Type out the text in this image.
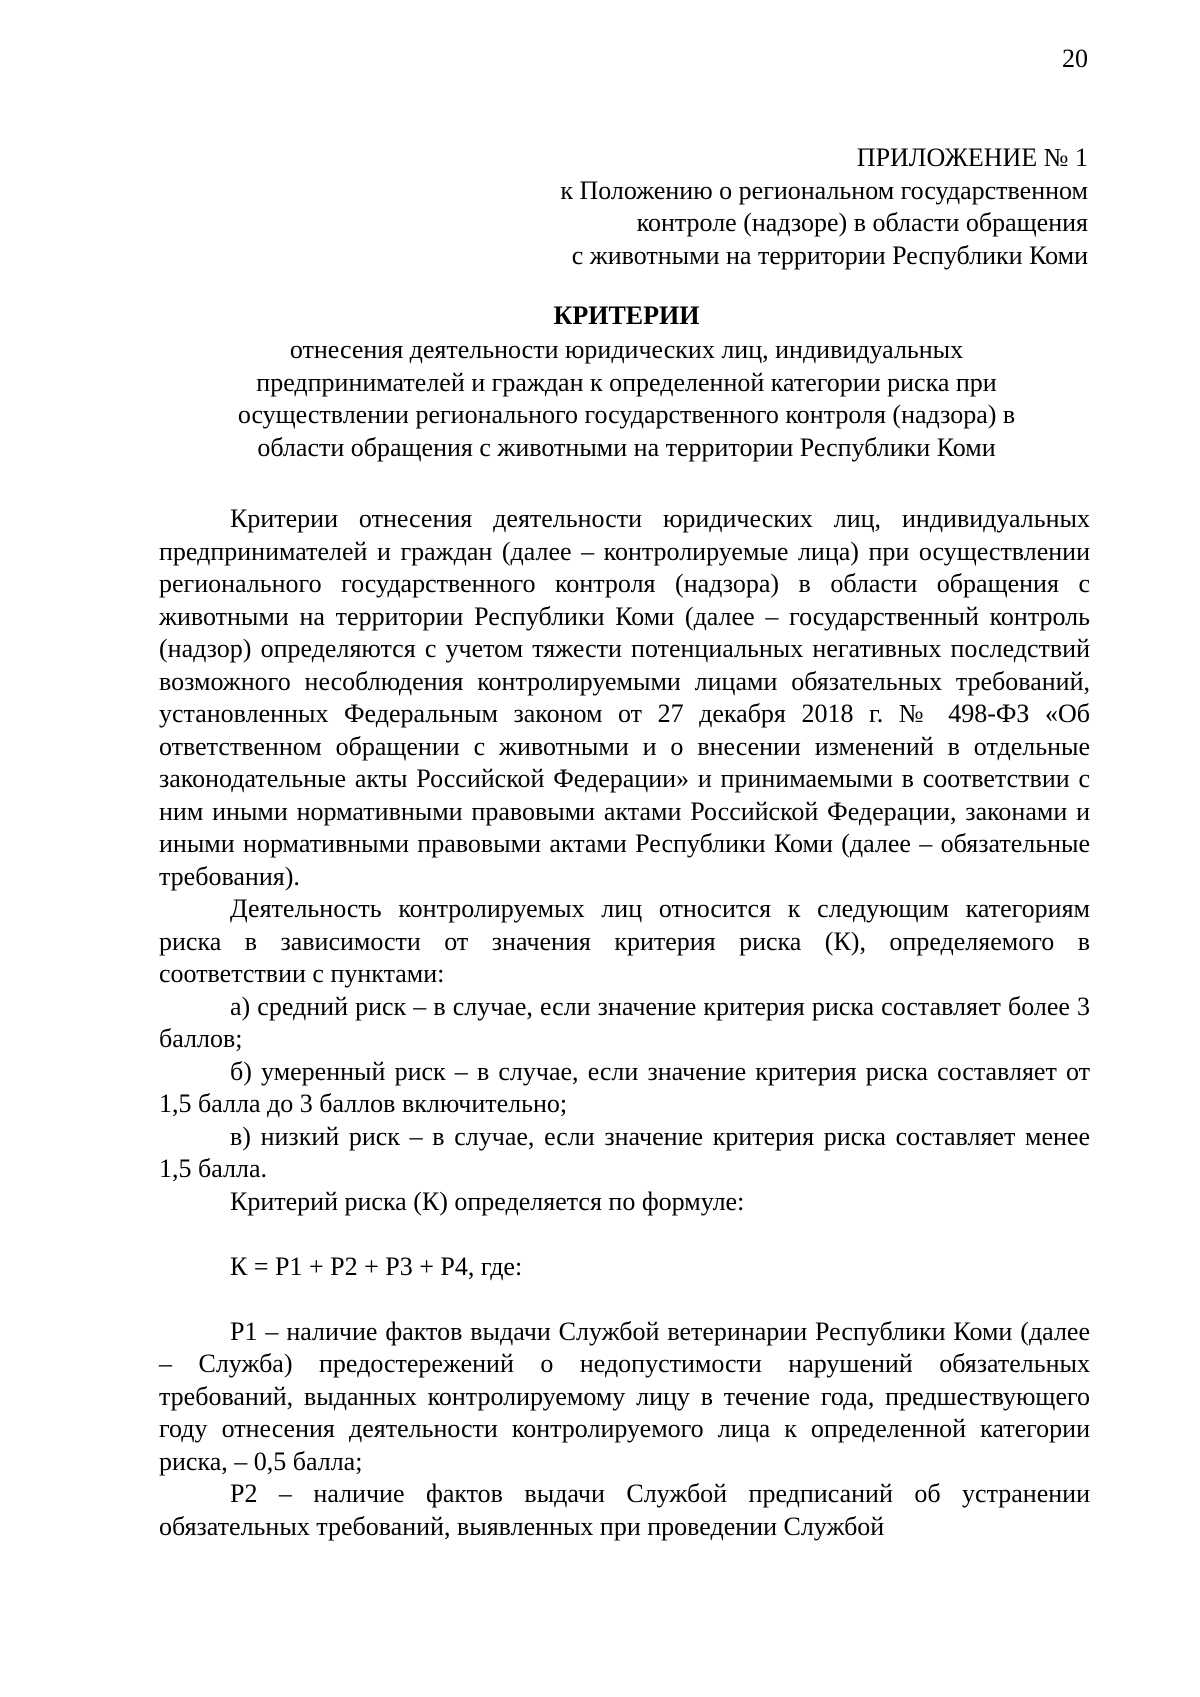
20

ПРИЛОЖЕНИЕ № 1

к Положению о региональном государственном

контроле (надзоре) в области обращения

с животными на территории Республики Коми

КРИТЕРИИ

отнесения деятельности юридических лиц, индивидуальных

предпринимателей и граждан к определенной категории риска при

осуществлении регионального государственного контроля (надзора) в

области обращения с животными на территории Республики Коми

Критерии отнесения деятельности юридических лиц, индивидуальных предпринимателей и граждан (далее – контролируемые лица) при осуществлении регионального государственного контроля (надзора) в области обращения с животными на территории Республики Коми (далее – государственный контроль (надзор) определяются с учетом тяжести потенциальных негативных последствий возможного несоблюдения контролируемыми лицами обязательных требований, установленных Федеральным законом от 27 декабря 2018 г. № 498-ФЗ «Об ответственном обращении с животными и о внесении изменений в отдельные законодательные акты Российской Федерации» и принимаемыми в соответствии с ним иными нормативными правовыми актами Российской Федерации, законами и иными нормативными правовыми актами Республики Коми (далее – обязательные требования).

Деятельность контролируемых лиц относится к следующим категориям риска в зависимости от значения критерия риска (К), определяемого в соответствии с пунктами:

а) средний риск – в случае, если значение критерия риска составляет более 3 баллов;

б) умеренный риск – в случае, если значение критерия риска составляет от 1,5 балла до 3 баллов включительно;

в) низкий риск – в случае, если значение критерия риска составляет менее 1,5 балла.

Критерий риска (К) определяется по формуле:

К = Р1 + Р2 + Р3 + Р4, где:

Р1 – наличие фактов выдачи Службой ветеринарии Республики Коми (далее – Служба) предостережений о недопустимости нарушений обязательных требований, выданных контролируемому лицу в течение года, предшествующего году отнесения деятельности контролируемого лица к определенной категории риска, – 0,5 балла;

Р2 – наличие фактов выдачи Службой предписаний об устранении обязательных требований, выявленных при проведении Службой
